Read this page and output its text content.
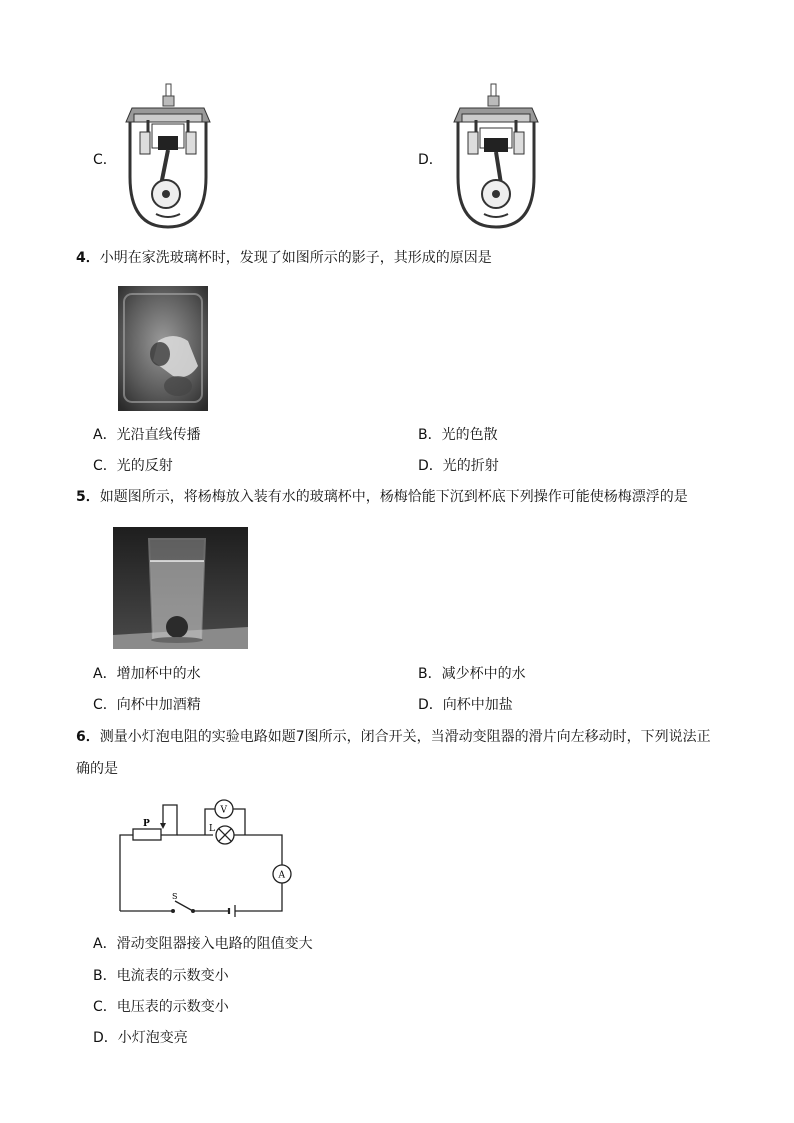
C．	D．
4．小明在家洗玻璃杯时，发现了如图所示的影子，其形成的原因是
A．光沿直线传播	B．光的色散
C．光的反射	D．光的折射
5．如题图所示，将杨梅放入装有水的玻璃杯中，杨梅恰能下沉到杯底下列操作可能使杨梅漂浮的是
A．增加杯中的水	B．减少杯中的水
C．向杯中加酒精	D．向杯中加盐
6．测量小灯泡电阻的实验电路如题7图所示，闭合开关，当滑动变阻器的滑片向左移动时，下列说法正
确的是
P
V
L
A
S
A．滑动变阻器接入电路的阻值变大
B．电流表的示数变小
C．电压表的示数变小
D．小灯泡变亮
